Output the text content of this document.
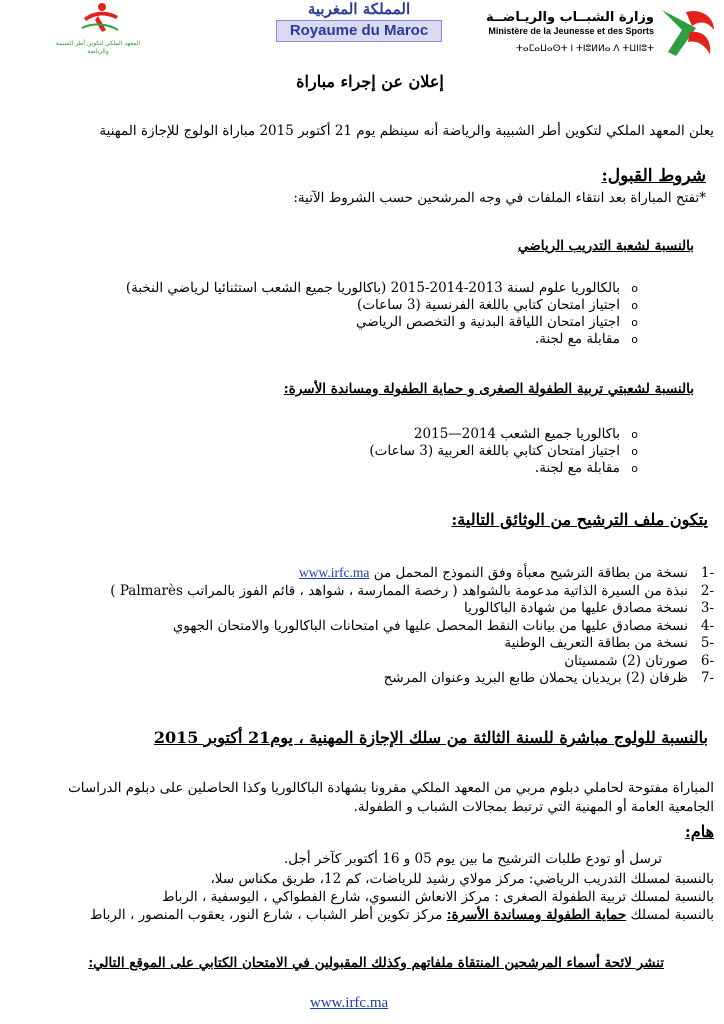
وزارة الشبــاب والريـاضــة
Ministère de la Jeunesse et des Sports
ⵜⴰⵎⴰⵡⴰⵙⵜ ⵏ ⵜⵏⵓⵍⵍⴰ ⴷ ⵜⵡⵏⵏⵓⵜ
المملكة المغربية
Royaume du Maroc
المعهد الملكي لتكوين أطر الشبيبة والرياضة
إعلان عن إجراء مباراة
يعلن المعهد الملكي لتكوين أطر الشبيبة والرياضة أنه سينظم يوم 21 أكتوبر 2015 مباراة الولوج للإجازة المهنية
شروط القبول:
*تفتح المباراة بعد انتقاء الملفات في وجه المرشحين حسب الشروط الآتية:
بالنسبة لشعبة التدريب الرياضي
o بالكالوريا علوم لسنة 2013-2014-2015 (باكالوريا جميع الشعب استثنائيا لرياضي النخبة)
o اجتياز امتحان كتابي باللغة الفرنسية (3 ساعات)
o اجتياز امتحان اللياقة البدنية و التخصص الرياضي
o مقابلة مع لجنة.
بالنسبة لشعبتي تربية الطفولة الصغرى و حماية الطفولة ومساندة الأسرة:
o باكالوريا جميع الشعب 2014—2015
o اجتياز امتحان كتابي باللغة العربية (3 ساعات)
o مقابلة مع لجنة.
يتكون ملف الترشيح من الوثائق التالية:
-1نسخة من بطاقة الترشيح معبأة وفق النموذج المحمل من www.irfc.ma
-2نبذة من السيرة الذاتية مدعومة بالشواهد ( رخصة الممارسة ، شواهد ، قائم الفوز بالمراتب Palmarès )
-3نسخة مصادق عليها من شهادة الباكالوريا
-4نسخة مصادق عليها من بيانات النقط المحصل عليها في امتحانات الباكالوريا والامتحان الجهوي
-5نسخة من بطاقة التعريف الوطنية
-6صورتان (2) شمسيتان
-7ظرفان (2) بريديان يحملان طابع البريد وعنوان المرشح
بالنسبة للولوج مباشرة للسنة الثالثة من سلك الإجازة المهنية ، يوم21 أكتوبر 2015
المباراة مفتوحة لحاملي دبلوم مربي من المعهد الملكي مقرونا بشهادة الباكالوريا وكذا الحاصلين على دبلوم الدراسات
الجامعية العامة أو المهنية التي ترتبط بمجالات الشباب و الطفولة.
هام:
ترسل أو تودع طلبات الترشيح ما بين يوم 05 و 16 أكتوبر كآخر أجل.
بالنسبة لمسلك التدريب الرياضي: مركز مولاي رشيد للرياضات، كم 12، طريق مكناس سلا،
بالنسبة لمسلك تربية الطفولة الصغرى : مركز الانعاش النسوي، شارع الفطواكي ، اليوسفية ، الرباط
بالنسبة لمسلك حماية الطفولة ومساندة الأسرة: مركز تكوين أطر الشباب ، شارع النور، يعقوب المنصور ، الرباط
تنشر لائحة أسماء المرشحين المنتقاة ملفاتهم وكذلك المقبولين في الامتحان الكتابي على الموقع التالي:
www.irfc.ma
